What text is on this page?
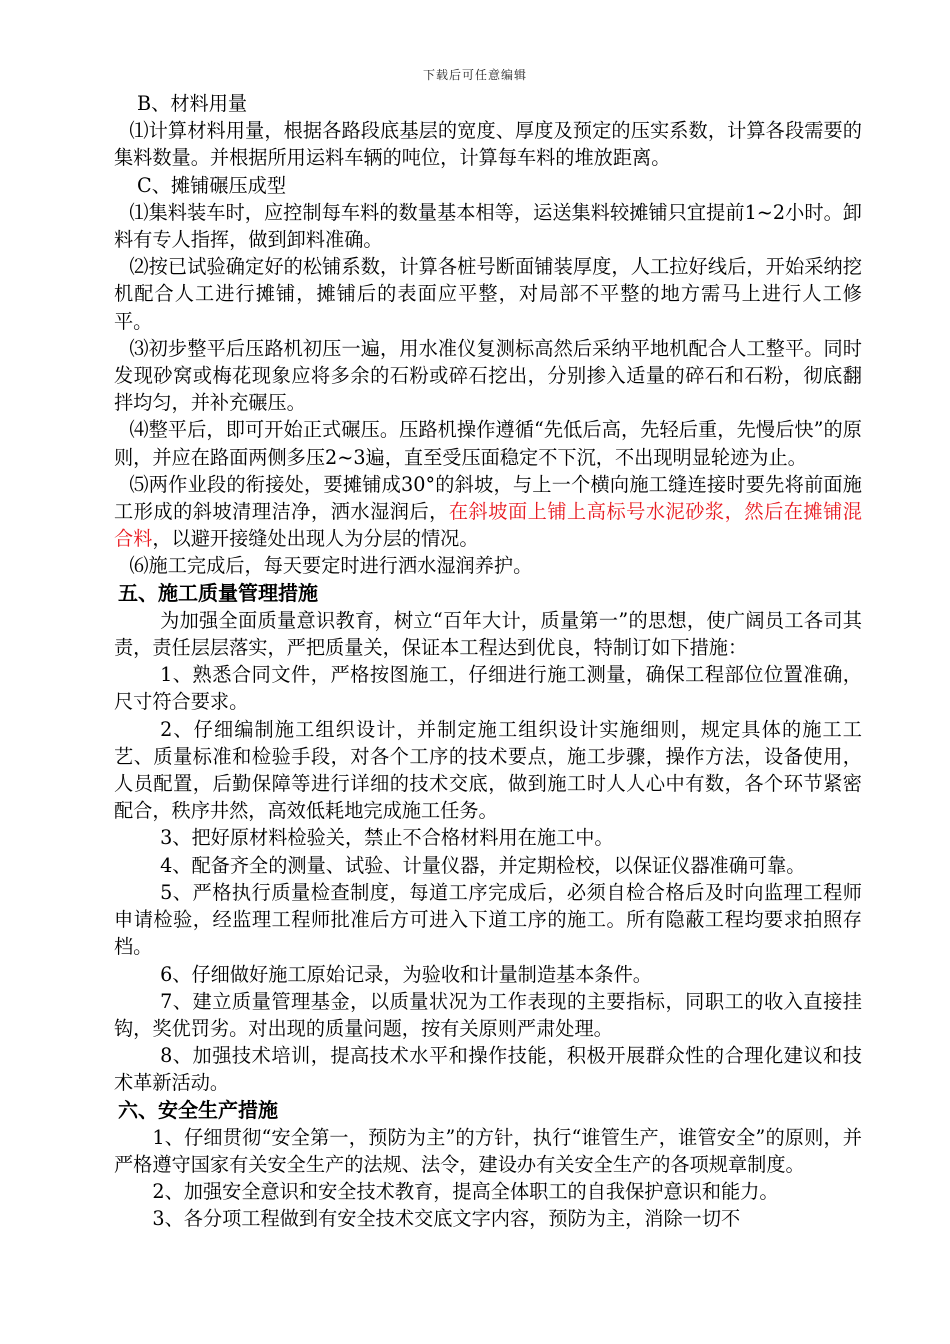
下载后可任意编辑

B、材料用量

⑴计算材料用量，根据各路段底基层的宽度、厚度及预定的压实系数，计算各段需要的集料数量。并根据所用运料车辆的吨位，计算每车料的堆放距离。

C、摊铺碾压成型

⑴集料装车时，应控制每车料的数量基本相等，运送集料较摊铺只宜提前1~2小时。卸料有专人指挥，做到卸料准确。

⑵按已试验确定好的松铺系数，计算各桩号断面铺装厚度，人工拉好线后，开始采纳挖机配合人工进行摊铺，摊铺后的表面应平整，对局部不平整的地方需马上进行人工修平。

⑶初步整平后压路机初压一遍，用水准仪复测标高然后采纳平地机配合人工整平。同时发现砂窝或梅花现象应将多余的石粉或碎石挖出，分别掺入适量的碎石和石粉，彻底翻拌均匀，并补充碾压。

⑷整平后，即可开始正式碾压。压路机操作遵循“先低后高，先轻后重，先慢后快”的原则，并应在路面两侧多压2~3遍，直至受压面稳定不下沉，不出现明显轮迹为止。

⑸两作业段的衔接处，要摊铺成30°的斜坡，与上一个横向施工缝连接时要先将前面施工形成的斜坡清理洁净，洒水湿润后，在斜坡面上铺上高标号水泥砂浆，然后在摊铺混合料，以避开接缝处出现人为分层的情况。

⑹施工完成后，每天要定时进行洒水湿润养护。

五、施工质量管理措施

为加强全面质量意识教育，树立“百年大计，质量第一”的思想，使广阔员工各司其责，责任层层落实，严把质量关，保证本工程达到优良，特制订如下措施：

1、熟悉合同文件，严格按图施工，仔细进行施工测量，确保工程部位位置准确，尺寸符合要求。

2、仔细编制施工组织设计，并制定施工组织设计实施细则，规定具体的施工工艺、质量标准和检验手段，对各个工序的技术要点，施工步骤，操作方法，设备使用，人员配置，后勤保障等进行详细的技术交底，做到施工时人人心中有数，各个环节紧密配合，秩序井然，高效低耗地完成施工任务。

3、把好原材料检验关，禁止不合格材料用在施工中。

4、配备齐全的测量、试验、计量仪器，并定期检校，以保证仪器准确可靠。

5、严格执行质量检查制度，每道工序完成后，必须自检合格后及时向监理工程师申请检验，经监理工程师批准后方可进入下道工序的施工。所有隐蔽工程均要求拍照存档。

6、仔细做好施工原始记录，为验收和计量制造基本条件。

7、建立质量管理基金，以质量状况为工作表现的主要指标，同职工的收入直接挂钩，奖优罚劣。对出现的质量问题，按有关原则严肃处理。

8、加强技术培训，提高技术水平和操作技能，积极开展群众性的合理化建议和技术革新活动。

六、安全生产措施

1、仔细贯彻“安全第一，预防为主”的方针，执行“谁管生产，谁管安全”的原则，并严格遵守国家有关安全生产的法规、法令，建设办有关安全生产的各项规章制度。

2、加强安全意识和安全技术教育，提高全体职工的自我保护意识和能力。

3、各分项工程做到有安全技术交底文字内容，预防为主，消除一切不
